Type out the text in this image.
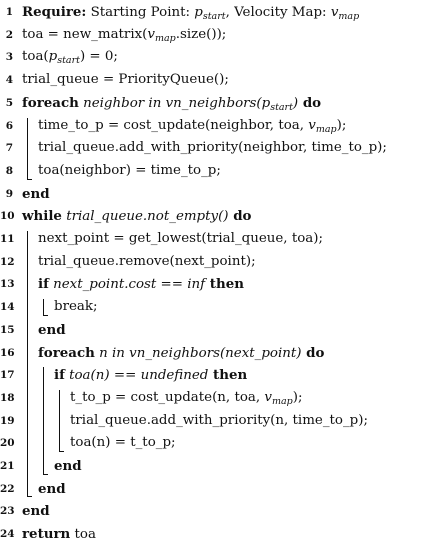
1 Require: Starting Point: $p_{start}$, Velocity Map: $v_{map}$
2 toa = $new\_matrix(v_{map}.size())$;
3 $toa(p_{start}) = 0$;
4 trial_queue = PriorityQueue();
5 foreach neighbor in $vn\_neighbors(p_{start})$ do
6 time_to_p = cost_update(neighbor, toa, $v_{map}$);
7 trial_queue.add_with_priority(neighbor, time_to_p);
8 toa(neighbor) = time_to_p;
9 end
10 while trial_queue.not_empty() do
11 next_point = get_lowest(trial_queue, toa);
12 trial_queue.remove(next_point);
13 if next_point.cost == inf then
14	break;
15 end
16 foreach n in vn_neighbors(next_point) do
17	if toa(n) == undefined then
18	t_to_p = cost_update(n, toa, $v_{map}$);
19	trial_queue.add_with_priority(n, time_to_p);
20	toa(n) = t_to_p;
21	end
22 end
23 end
24 return toa
